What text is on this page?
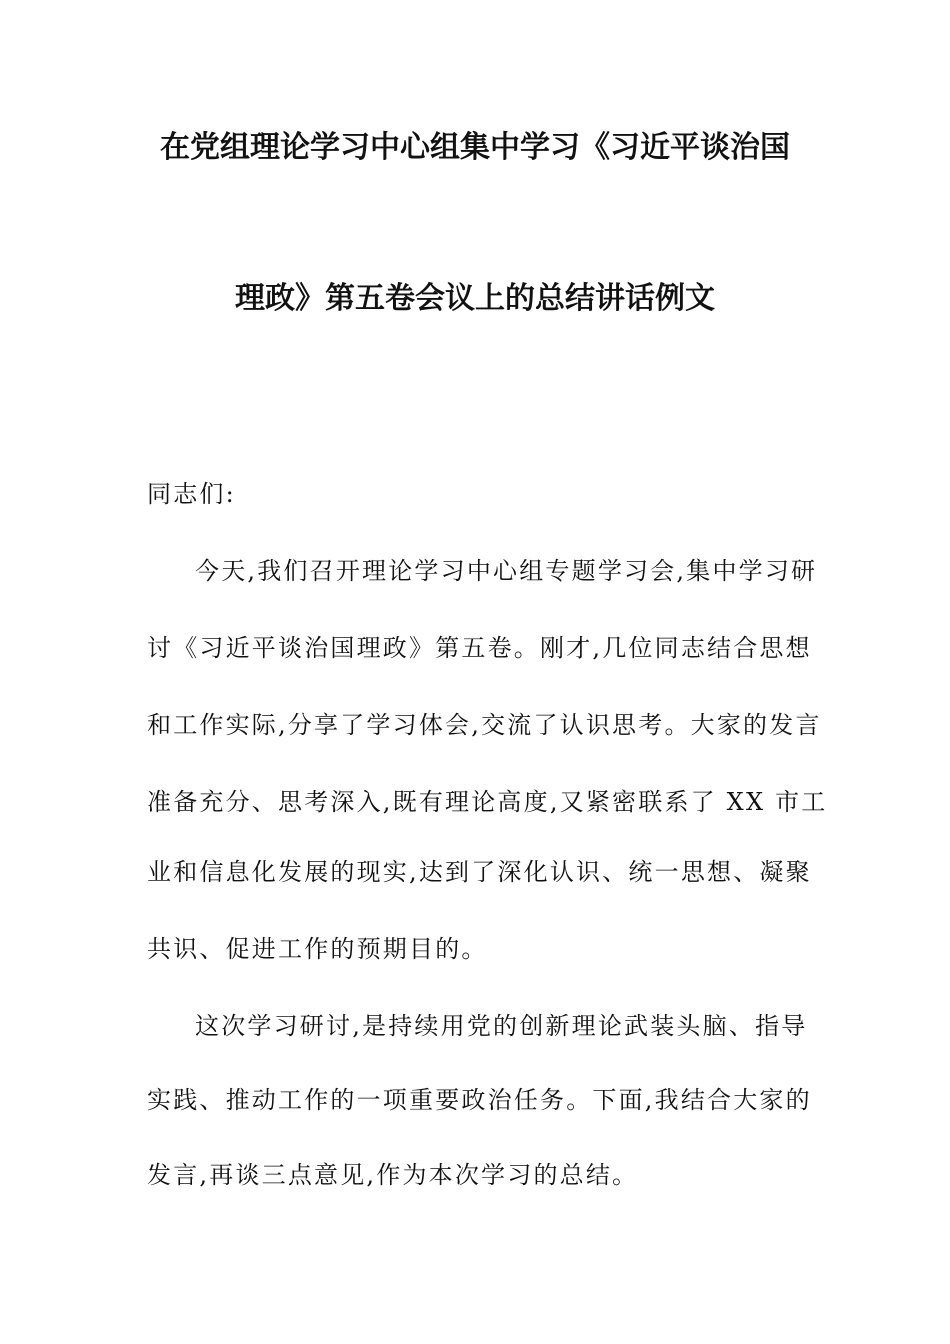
在党组理论学习中心组集中学习《习近平谈治国
理政》第五卷会议上的总结讲话例文
同志们:
今天,我们召开理论学习中心组专题学习会,集中学习研
讨《习近平谈治国理政》第五卷。刚才,几位同志结合思想
和工作实际,分享了学习体会,交流了认识思考。大家的发言
准备充分、思考深入,既有理论高度,又紧密联系了 XX 市工
业和信息化发展的现实,达到了深化认识、统一思想、凝聚
共识、促进工作的预期目的。
这次学习研讨,是持续用党的创新理论武装头脑、指导
实践、推动工作的一项重要政治任务。下面,我结合大家的
发言,再谈三点意见,作为本次学习的总结。
